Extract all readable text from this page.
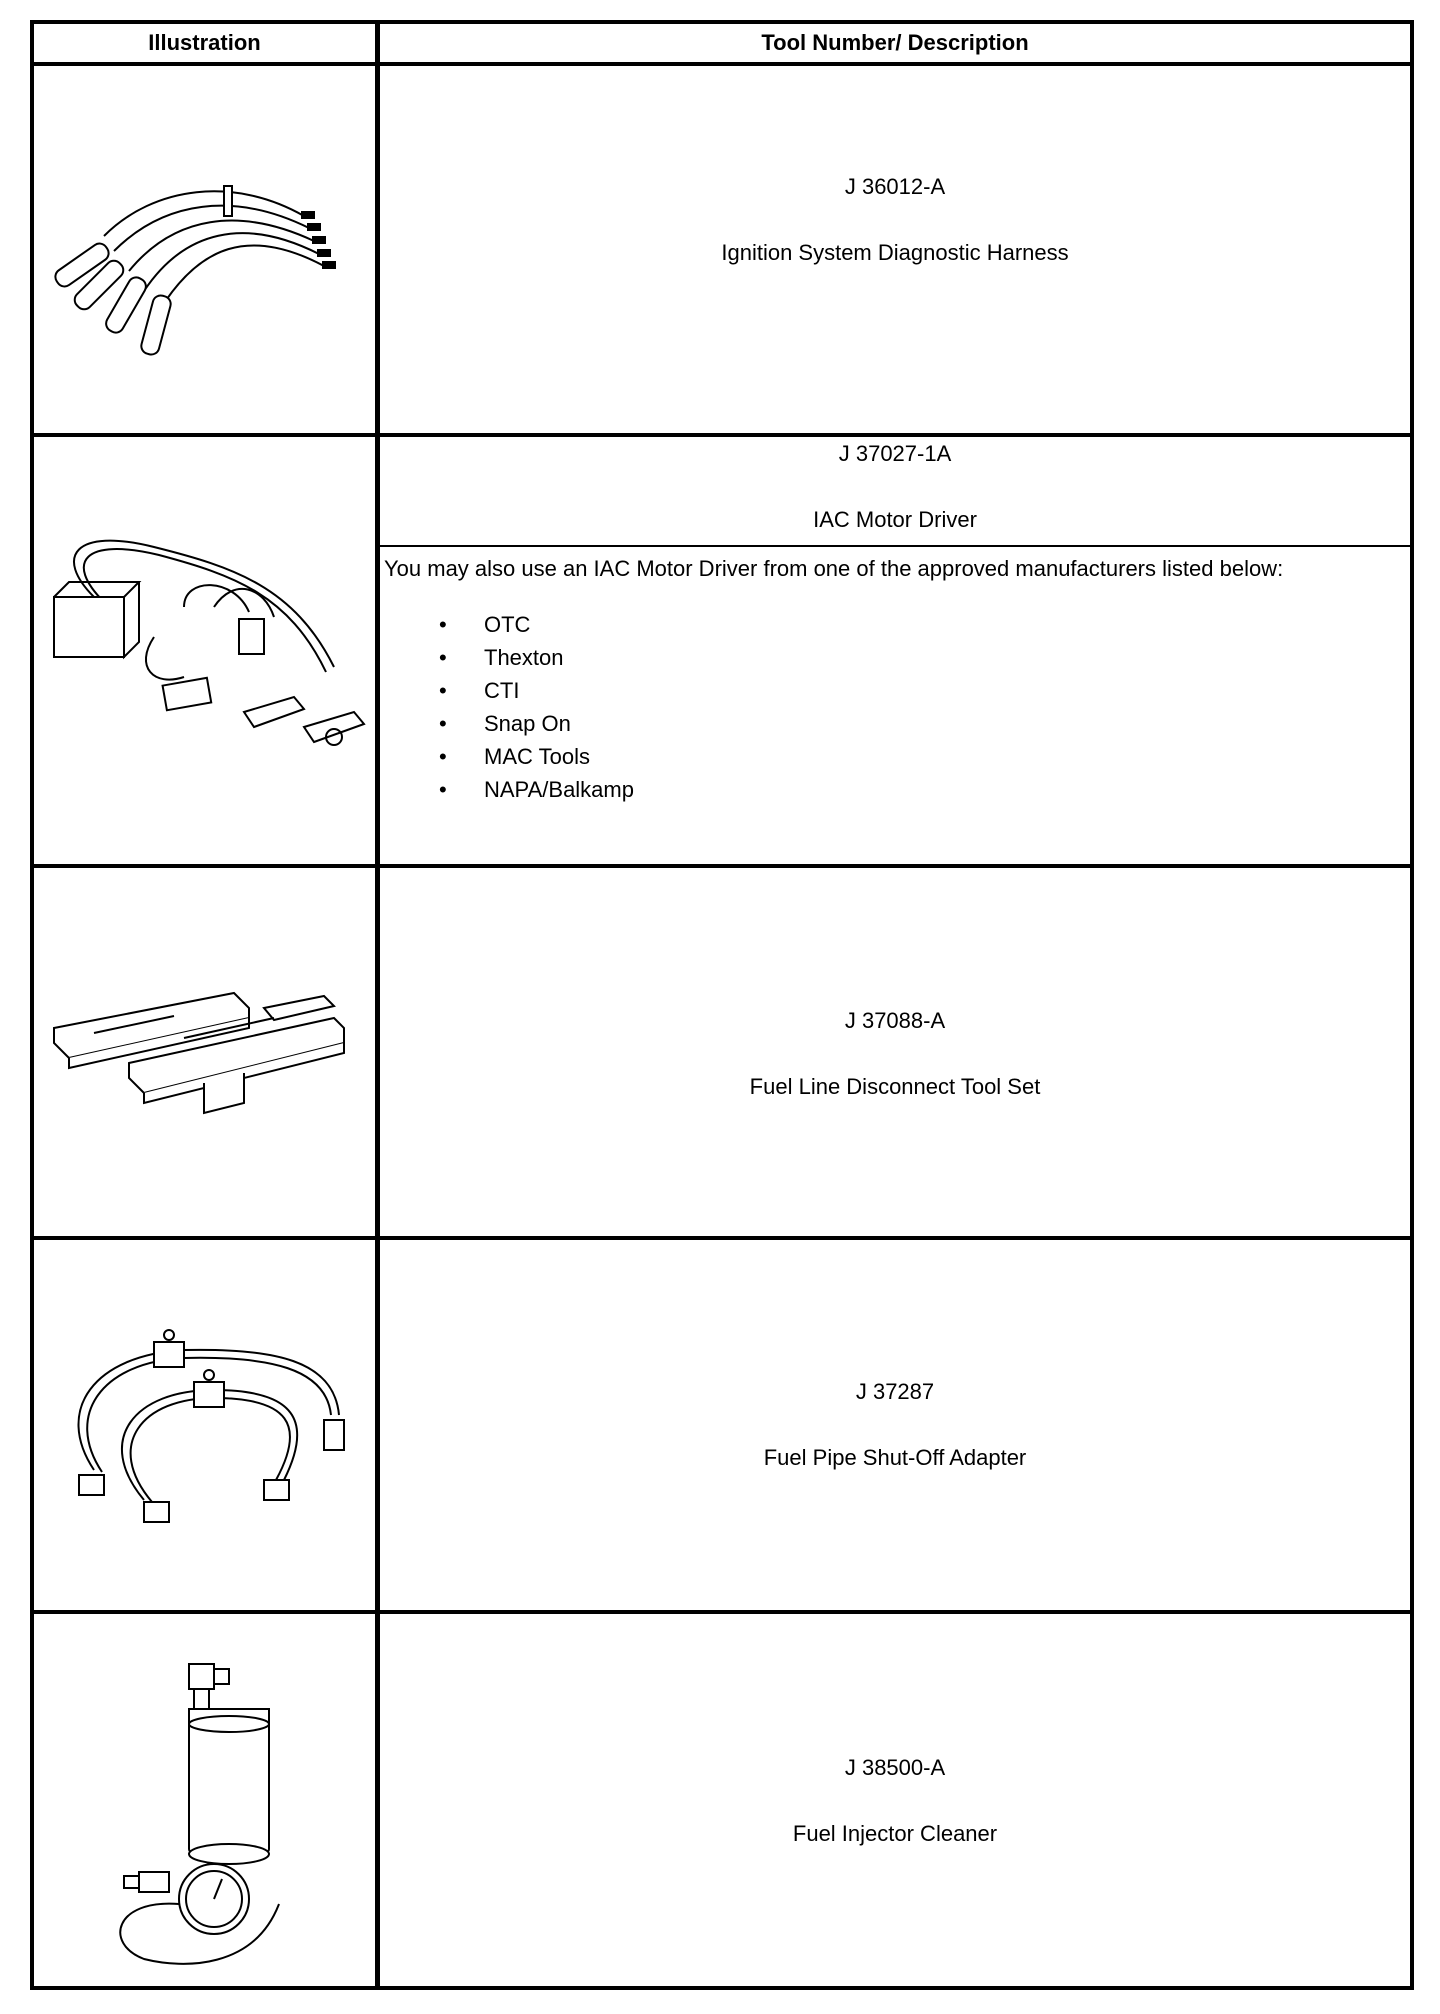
Illustration	Tool Number/ Description
J 36012-A
Ignition System Diagnostic Harness
J 37027-1A
IAC Motor Driver
You may also use an IAC Motor Driver from one of the approved manufacturers listed below:
• OTC
• Thexton
• CTI
• Snap On
• MAC Tools
• NAPA/Balkamp
J 37088-A
Fuel Line Disconnect Tool Set
J 37287
Fuel Pipe Shut-Off Adapter
J 38500-A
Fuel Injector Cleaner
